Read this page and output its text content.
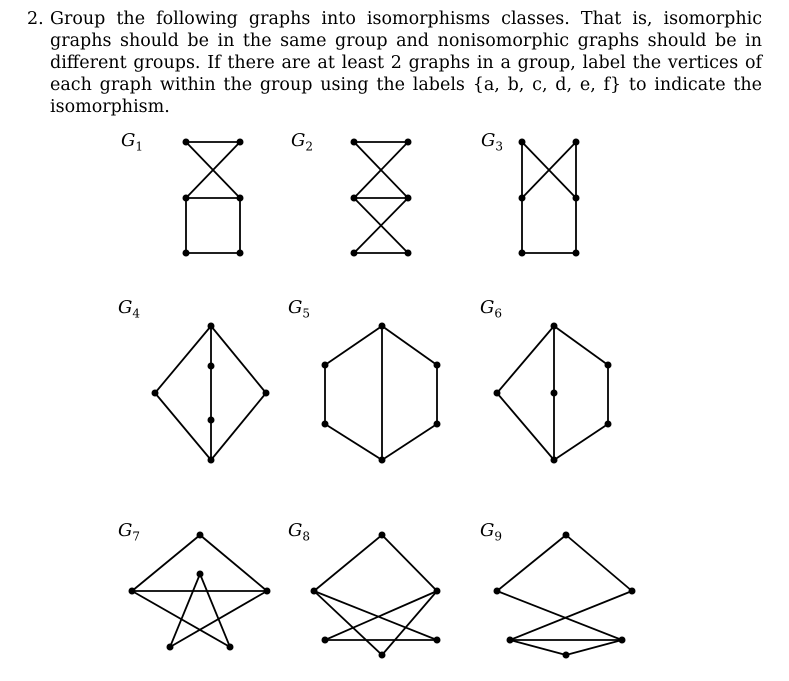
2. Group the following graphs into isomorphisms classes. That is, isomorphic graphs should be in the same group and nonisomorphic graphs should be in different groups. If there are at least 2 graphs in a group, label the vertices of each graph within the group using the labels {a, b, c, d, e, f} to indicate the isomorphism.
$G_1$	$G_2$	$G_3$
$G_4$	$G_5$	$G_6$
$G_7$	$G_8$	$G_9$
